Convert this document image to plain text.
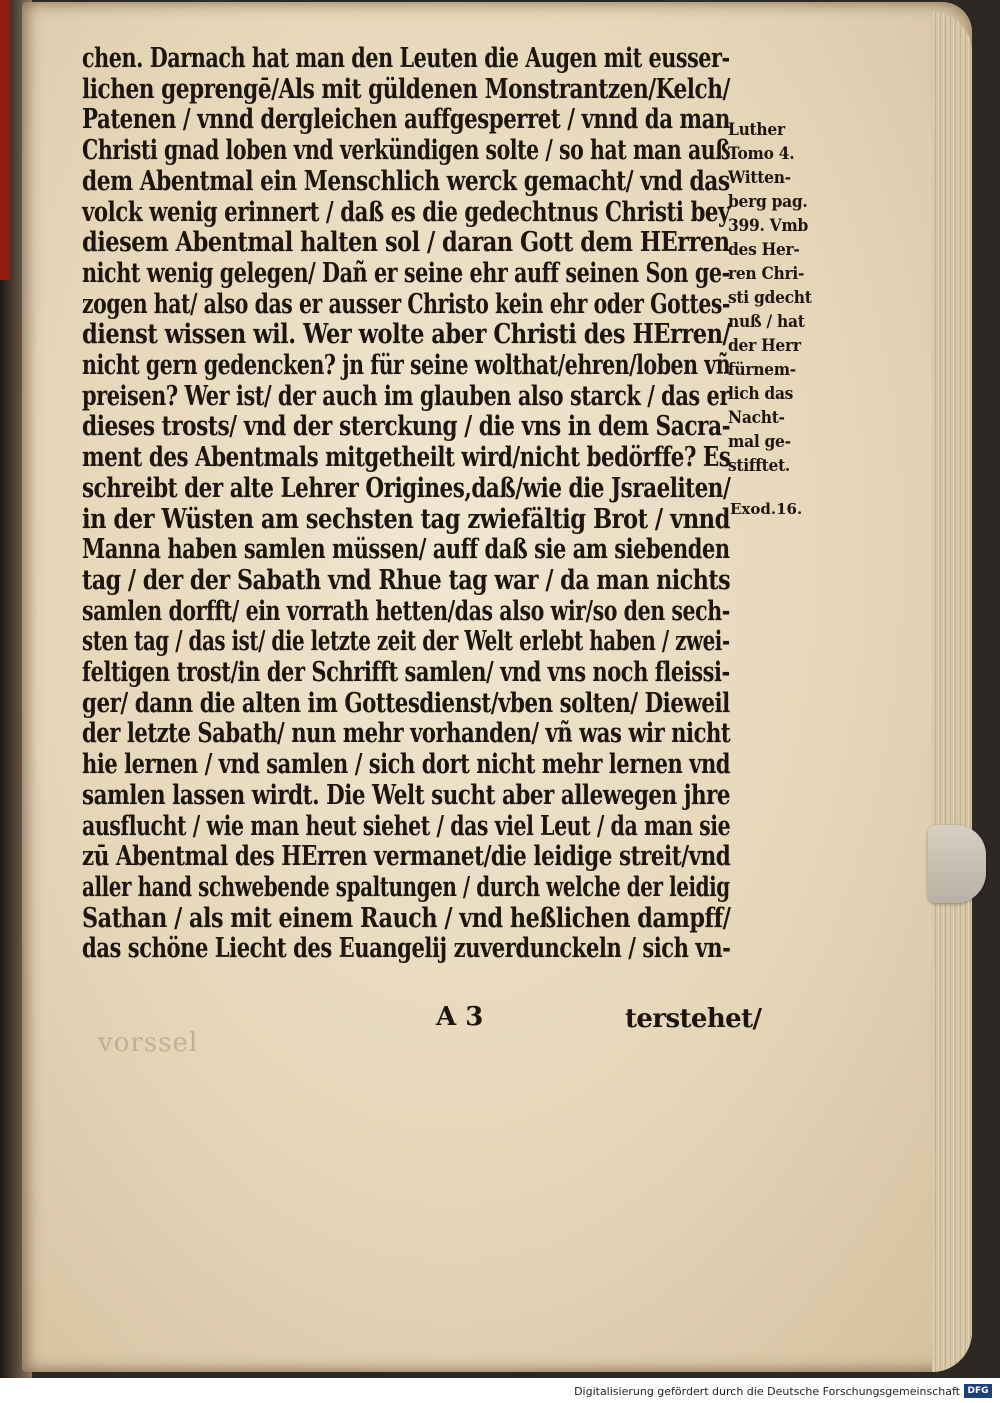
chen. Darnach hat man den Leuten die Augen mit eusser-
lichen geprengē/Als mit güldenen Monstrantzen/Kelch/
Patenen / vnnd dergleichen auffgesperret / vnnd da man
Christi gnad loben vnd verkündigen solte / so hat man auß
dem Abentmal ein Menschlich werck gemacht/ vnd das
volck wenig erinnert / daß es die gedechtnus Christi bey
diesem Abentmal halten sol / daran Gott dem HErren
nicht wenig gelegen/ Dañ er seine ehr auff seinen Son ge-
zogen hat/ also das er ausser Christo kein ehr oder Gottes-
dienst wissen wil. Wer wolte aber Christi des HErren/
nicht gern gedencken? jn für seine wolthat/ehren/loben vñ
preisen? Wer ist/ der auch im glauben also starck / das er
dieses trosts/ vnd der sterckung / die vns in dem Sacra-
ment des Abentmals mitgetheilt wird/nicht bedörffe? Es
schreibt der alte Lehrer Origines,daß/wie die Jsraeliten/
in der Wüsten am sechsten tag zwiefältig Brot / vnnd
Manna haben samlen müssen/ auff daß sie am siebenden
tag / der der Sabath vnd Rhue tag war / da man nichts
samlen dorfft/ ein vorrath hetten/das also wir/so den sech-
sten tag / das ist/ die letzte zeit der Welt erlebt haben / zwei-
feltigen trost/in der Schrifft samlen/ vnd vns noch fleissi-
ger/ dann die alten im Gottesdienst/vben solten/ Dieweil
der letzte Sabath/ nun mehr vorhanden/ vñ was wir nicht
hie lernen / vnd samlen / sich dort nicht mehr lernen vnd
samlen lassen wirdt. Die Welt sucht aber allewegen jhre
ausflucht / wie man heut siehet / das viel Leut / da man sie
zū Abentmal des HErren vermanet/die leidige streit/vnd
aller hand schwebende spaltungen / durch welche der leidig
Sathan / als mit einem Rauch / vnd heßlichen dampff/
das schöne Liecht des Euangelij zuverdunckeln / sich vn-
Luther
Tomo 4.
Witten-
berg pag.
399. Vmb
des Her-
ren Chri-
sti gdecht
nuß / hat
der Herr
fürnem-
lich das
Nacht-
mal ge-
stifftet.
Exod.16.
A 3	terstehet/
vorssel
Digitalisierung gefördert durch die Deutsche Forschungsgemeinschaft DFG
